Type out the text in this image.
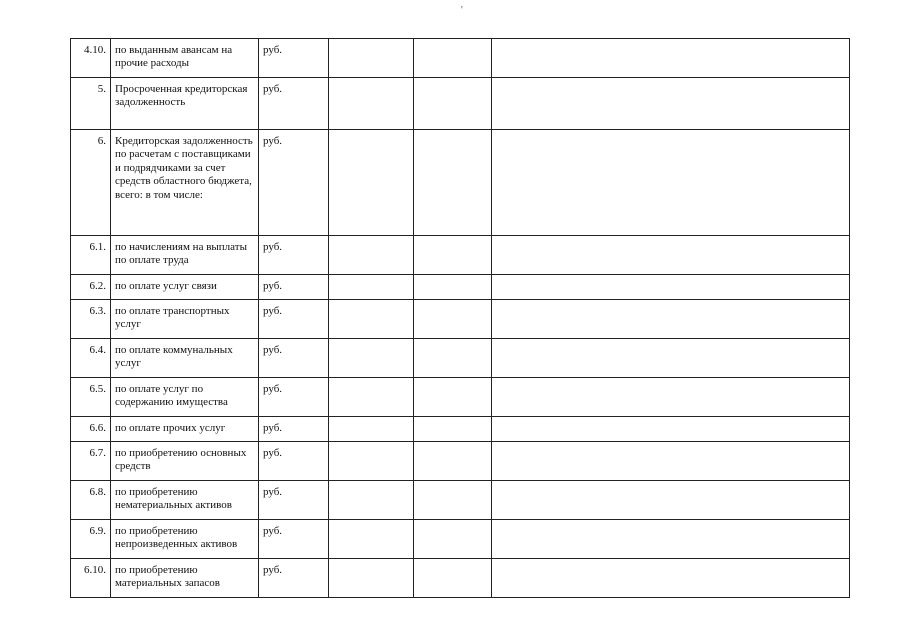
'
4.10.	по выданным авансам на прочие расходы	руб.			
5.	Просроченная кредиторская задолженность	руб.			
6.	Кредиторская задолженность по расчетам с поставщиками и подрядчиками за счет средств областного бюджета, всего: в том числе:	руб.			
6.1.	по начислениям на выплаты по оплате труда	руб.			
6.2.	по оплате услуг связи	руб.			
6.3.	по оплате транспортных услуг	руб.			
6.4.	по оплате коммунальных услуг	руб.			
6.5.	по оплате услуг по содержанию имущества	руб.			
6.6.	по оплате прочих услуг	руб.			
6.7.	по приобретению основных средств	руб.			
6.8.	по приобретению нематериальных активов	руб.			
6.9.	по приобретению непроизведенных активов	руб.			
6.10.	по приобретению материальных запасов	руб.			
